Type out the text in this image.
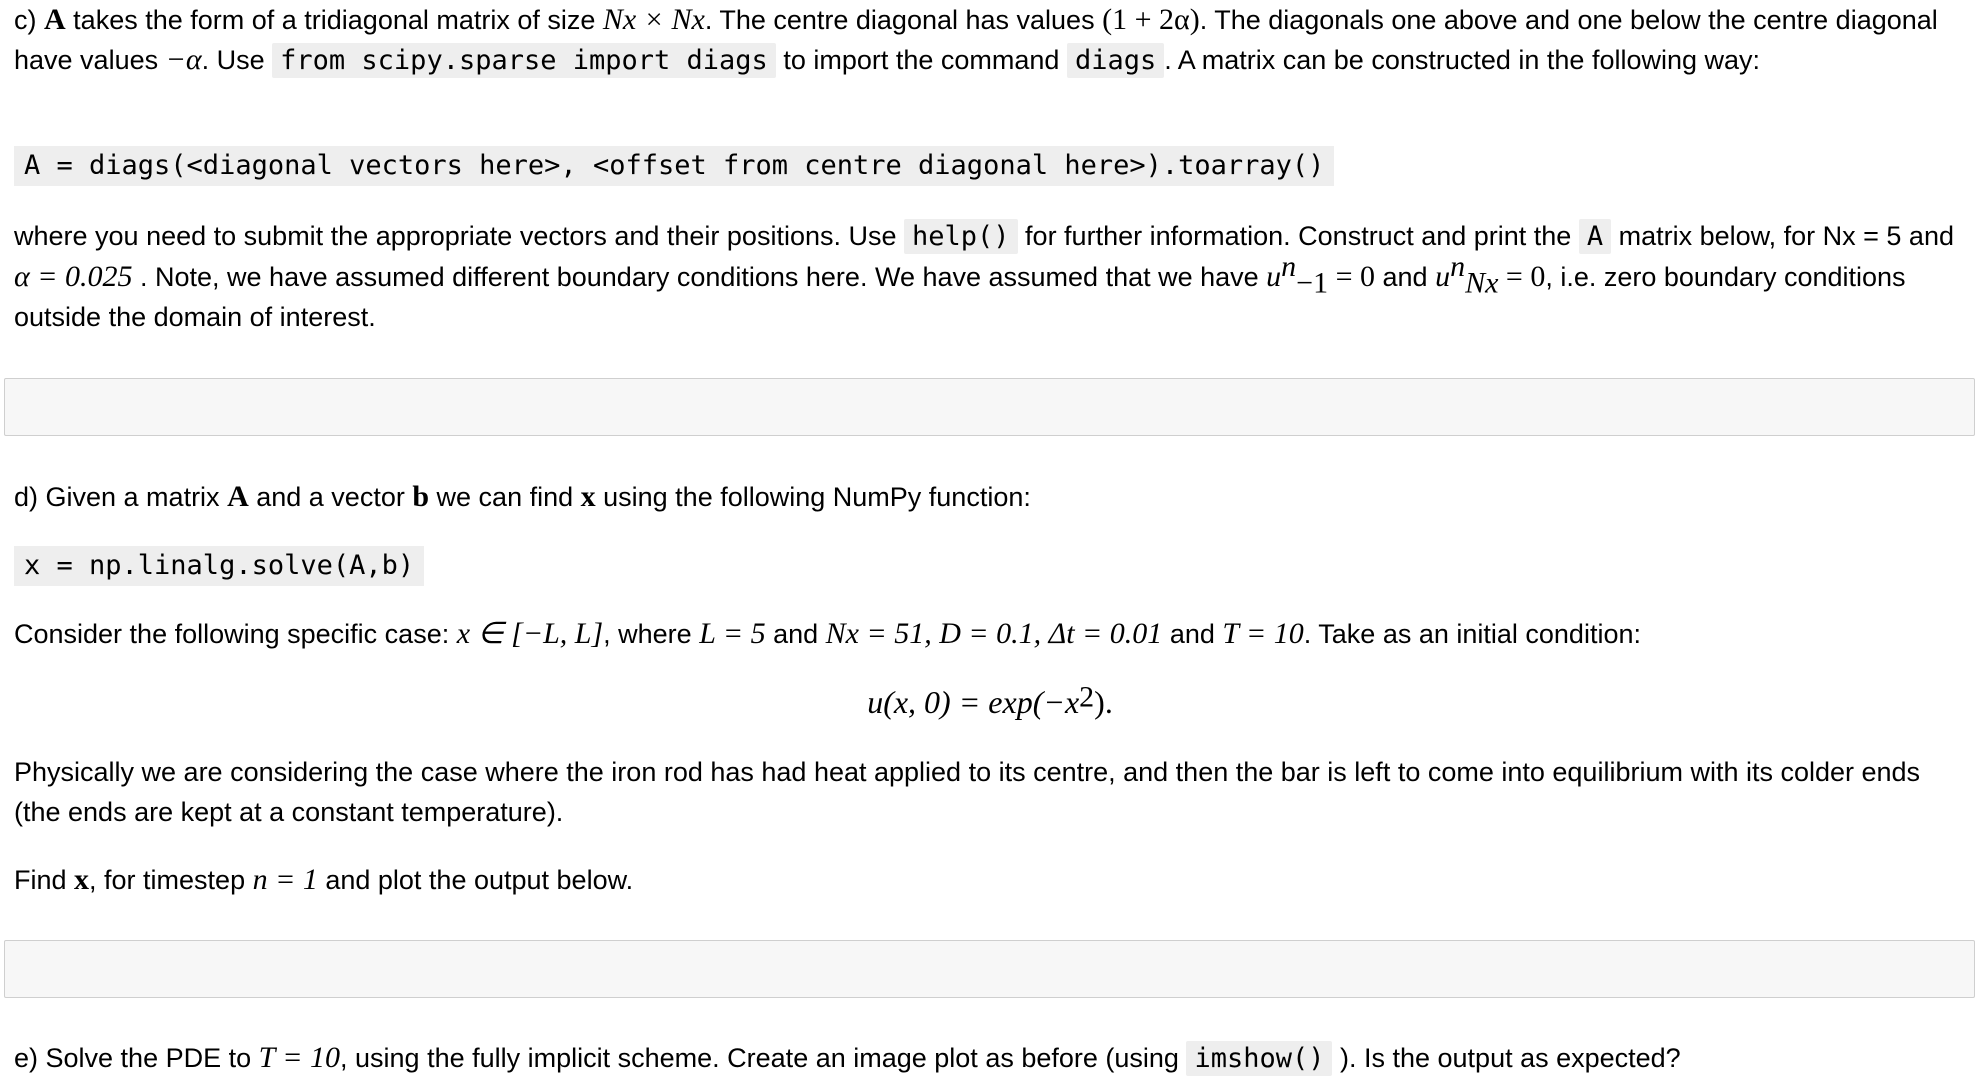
c) A takes the form of a tridiagonal matrix of size Nx × Nx. The centre diagonal has values (1 + 2α). The diagonals one above and one below the centre diagonal have values −α. Use from scipy.sparse import diags to import the command diags . A matrix can be constructed in the following way:
A = diags(<diagonal vectors here>, <offset from centre diagonal here>).toarray()
where you need to submit the appropriate vectors and their positions. Use help() for further information. Construct and print the A matrix below, for Nx = 5 and α = 0.025 . Note, we have assumed different boundary conditions here. We have assumed that we have $u^n_{-1} = 0$ and $u^n_{Nx} = 0$, i.e. zero boundary conditions outside the domain of interest.
d) Given a matrix A and a vector b we can find x using the following NumPy function:
x = np.linalg.solve(A,b)
Consider the following specific case: x ∈ [−L, L], where L = 5 and Nx = 51, D = 0.1, Δt = 0.01 and T = 10. Take as an initial condition:
u(x, $0) = \exp(-x^2)$.
Physically we are considering the case where the iron rod has had heat applied to its centre, and then the bar is left to come into equilibrium with its colder ends (the ends are kept at a constant temperature).
Find x, for timestep n = 1 and plot the output below.
e) Solve the PDE to T = 10, using the fully implicit scheme. Create an image plot as before (using imshow() ). Is the output as expected?
